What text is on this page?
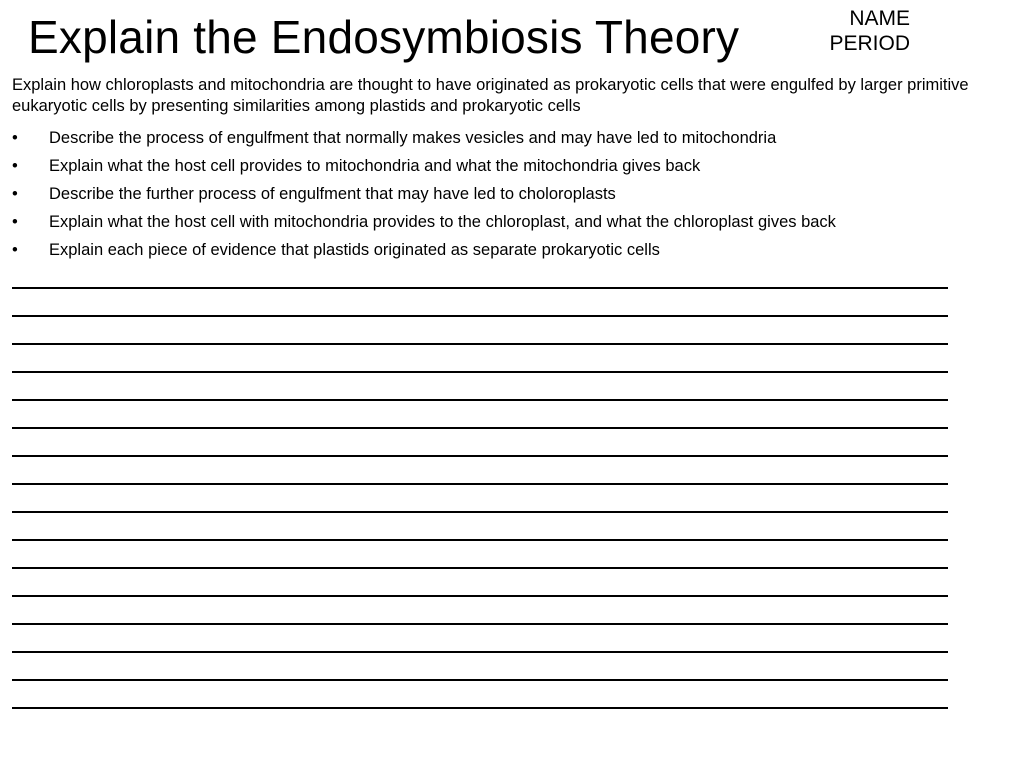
Explain the Endosymbiosis Theory	NAME
PERIOD
Explain how chloroplasts and mitochondria are thought to have originated as prokaryotic cells that were engulfed by larger primitive eukaryotic cells by presenting similarities among plastids and prokaryotic cells
• Describe the process of engulfment that normally makes vesicles and may have led to mitochondria
• Explain what the host cell provides to mitochondria and what the mitochondria gives back
• Describe the further process of engulfment that may have led to choloroplasts
• Explain what the host cell with mitochondria provides to the chloroplast, and what the chloroplast gives back
• Explain each piece of evidence that plastids originated as separate prokaryotic cells
